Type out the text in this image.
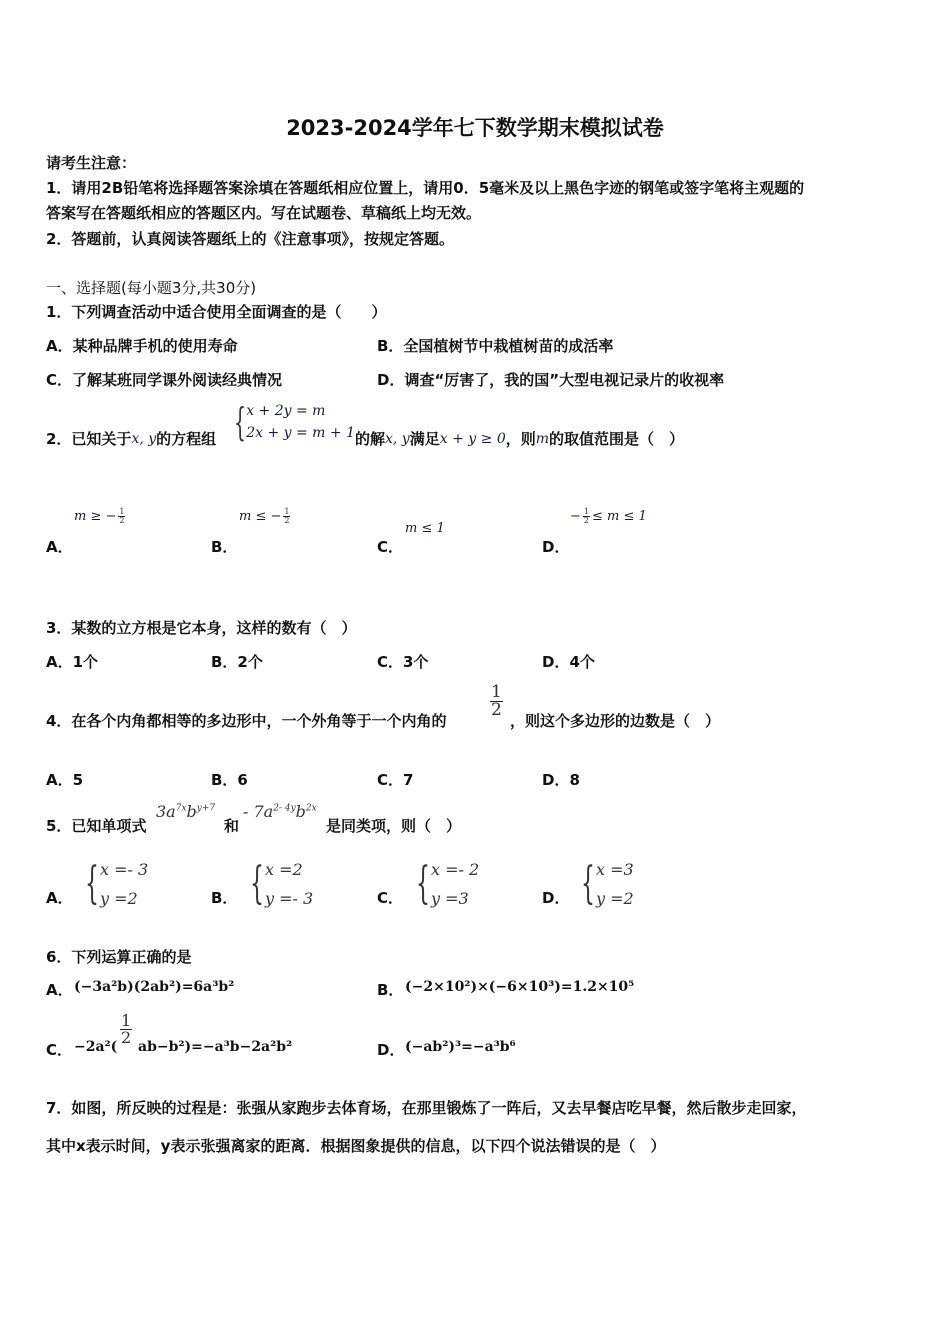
2023-2024学年七下数学期末模拟试卷
请考生注意：
1．请用2B铅笔将选择题答案涂填在答题纸相应位置上，请用0．5毫米及以上黑色字迹的钢笔或签字笔将主观题的
答案写在答题纸相应的答题区内。写在试题卷、草稿纸上均无效。
2．答题前，认真阅读答题纸上的《注意事项》，按规定答题。
一、选择题(每小题3分,共30分)
1．下列调查活动中适合使用全面调查的是（　　）
A．某种品牌手机的使用寿命	B．全国植树节中栽植树苗的成活率
C．了解某班同学课外阅读经典情况	D．调查“厉害了，我的国”大型电视记录片的收视率
2．已知关于 x, y 的方程组 { x + 2y = m
2x + y = m + 1 的解 x, y 满足 x + y ≥ 0 ，则 m 的取值范围是（　）
m ≥ − $\frac{1}{2}$
A．
m ≤ − $\frac{1}{2}$
B．
m ≤ 1
C．
− $\frac{1}{2} \le m \le 1$
D．
3．某数的立方根是它本身，这样的数有（　）
A．1个	B．2个	C．3个	D．4个
4．在各个内角都相等的多边形中，一个外角等于一个内角的
$\frac{1}{2}$
，则这个多边形的边数是（　）
A．5	B．6	C．7	D．8
5．已知单项式
$3a^{7x}b^{y+7}$
和
- $7a^{2- 4y}b^{2x}$
是同类项，则（　）
A． { x =- 3
y =2	B． { x =2
y =- 3	C． { x =- 2
y =3	D． { x =3
y =2
6．下列运算正确的是
A． (−3a²b)(2ab²)=6a³b²	B． (−2×10²)×(−6×10³)=1.2×10⁵
C． −2a²(
$\frac{1}{2}$
ab−b²)=−a³b−2a²b²	D． (−ab²)³=−a³b⁶
7．如图，所反映的过程是：张强从家跑步去体育场，在那里锻炼了一阵后，又去早餐店吃早餐，然后散步走回家，
其中x表示时间，y表示张强离家的距离．根据图象提供的信息，以下四个说法错误的是（　）
